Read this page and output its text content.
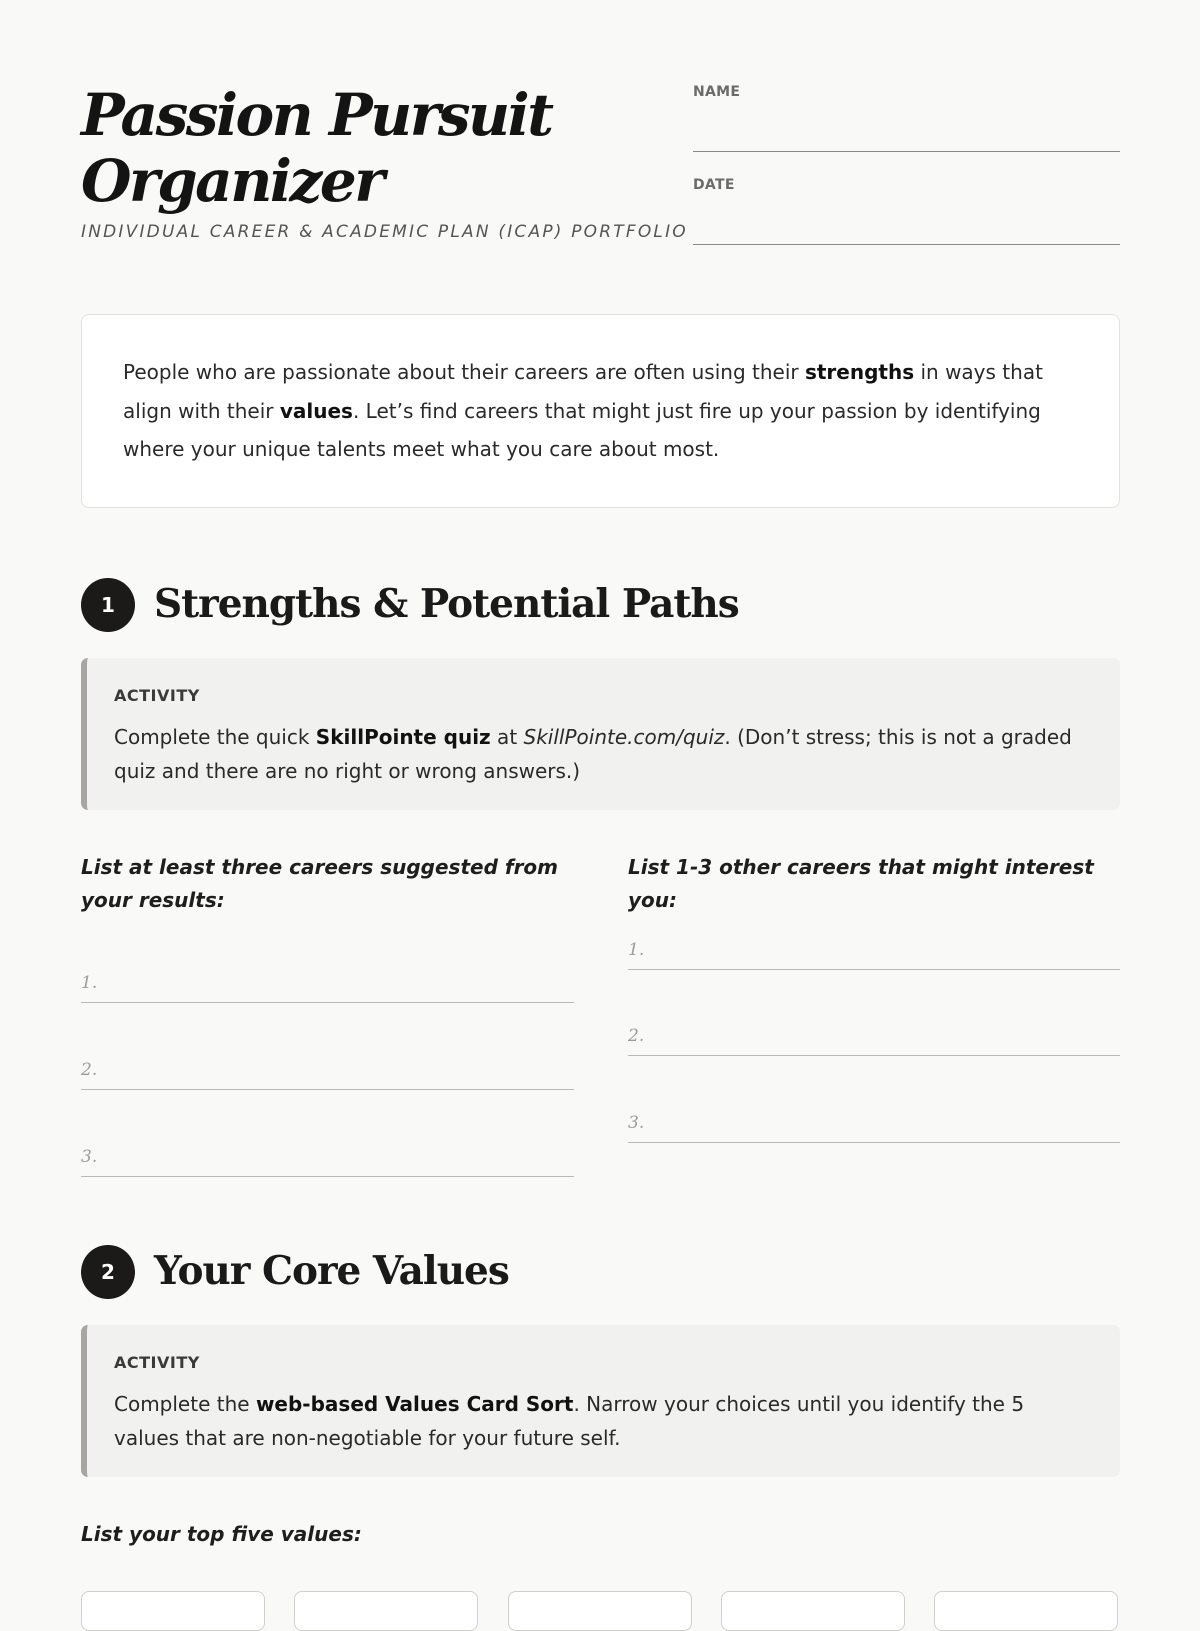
Passion Pursuit
Organizer
INDIVIDUAL CAREER & ACADEMIC PLAN (ICAP) PORTFOLIO
NAME
DATE
People who are passionate about their careers are often using their strengths in ways that align with their values. Let’s find careers that might just fire up your passion by identifying where your unique talents meet what you care about most.
1	Strengths & Potential Paths
ACTIVITY
Complete the quick SkillPointe quiz at SkillPointe.com/quiz. (Don’t stress; this is not a graded quiz and there are no right or wrong answers.)
List at least three careers suggested from your results:
List 1-3 other careers that might interest you:
1.
2.
3.
1.
2.
3.
2	Your Core Values
ACTIVITY
Complete the web-based Values Card Sort. Narrow your choices until you identify the 5 values that are non-negotiable for your future self.
List your top five values:
